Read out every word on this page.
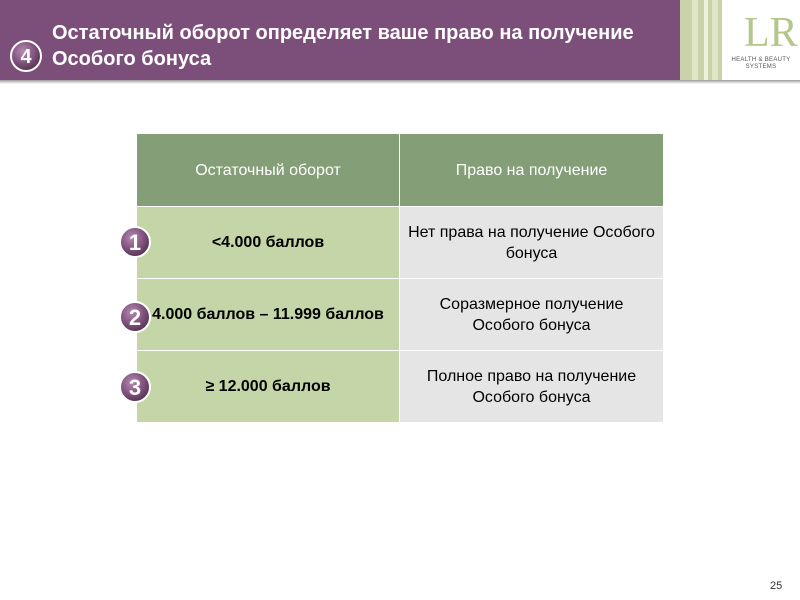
LR
HEALTH & BEAUTY
SYSTEMS
4
Остаточный оборот определяет ваше право на получение Особого бонуса
Остаточный оборот	Право на получение
<4.000 баллов	Нет права на получение Особого бонуса
4.000 баллов – 11.999 баллов	Соразмерное получение Особого бонуса
≥ 12.000 баллов	Полное право на получение Особого бонуса
1
2
3
25
